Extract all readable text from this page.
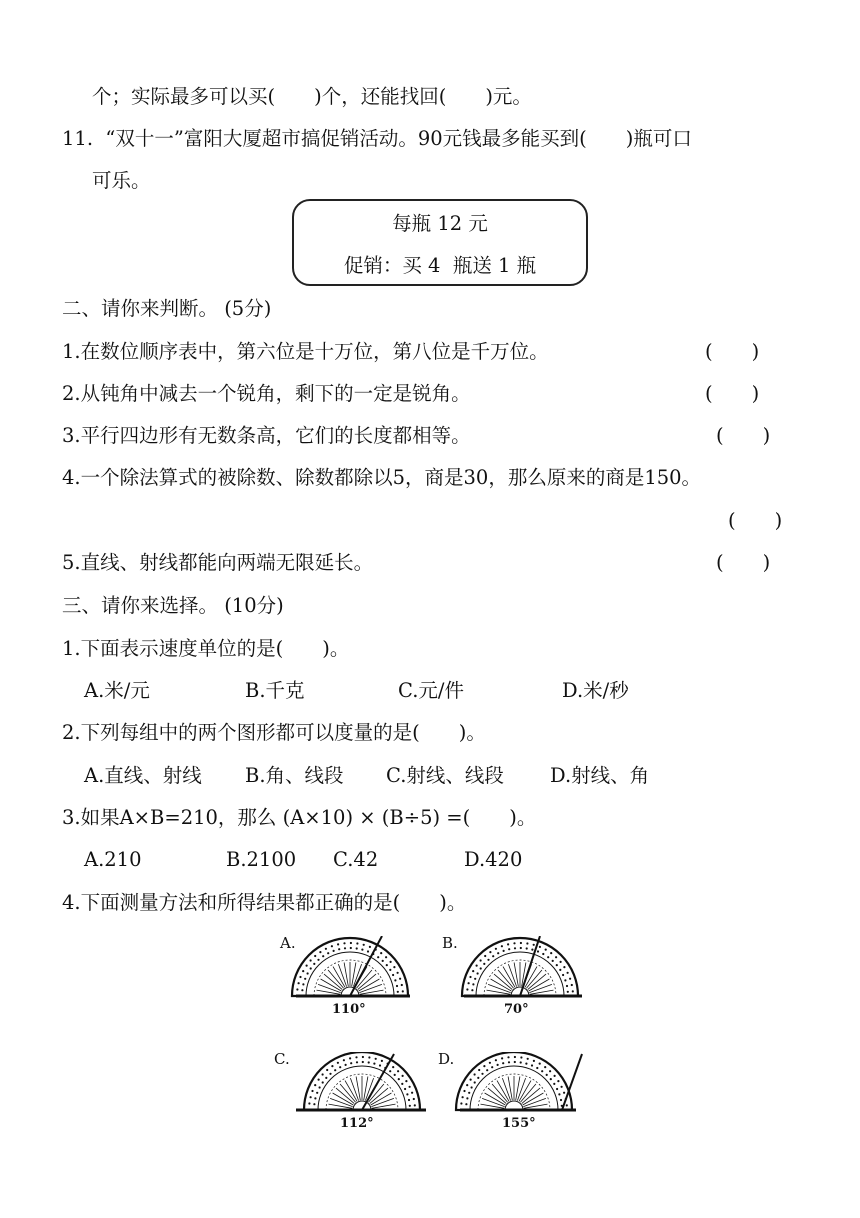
个；实际最多可以买(　　)个，还能找回(　　)元。
11.  “双十一”富阳大厦超市搞促销活动。90元钱最多能买到(　　)瓶可口
可乐。
每瓶 12 元
促销：买 4  瓶送 1 瓶
二、请你来判断。 (5分)
1.在数位顺序表中，第六位是十万位，第八位是千万位。	(　　)
2.从钝角中减去一个锐角，剩下的一定是锐角。	(　　)
3.平行四边形有无数条高，它们的长度都相等。	(　　)
4.一个除法算式的被除数、除数都除以5，商是30，那么原来的商是150。
(　　)
5.直线、射线都能向两端无限延长。	(　　)
三、请你来选择。 (10分)
1.下面表示速度单位的是(　　)。
A.米/元	B.千克	C.元/件	D.米/秒
2.下列每组中的两个图形都可以度量的是(　　)。
A.直线、射线 B.角、线段 C.射线、线段 D.射线、角
3.如果A×B=210，那么 (A×10) × (B÷5) =(　　)。
A.210	B.2100 C.42	D.420
4.下面测量方法和所得结果都正确的是(　　)。
A.
110°
B.
70°
C.
112°
D.
155°
